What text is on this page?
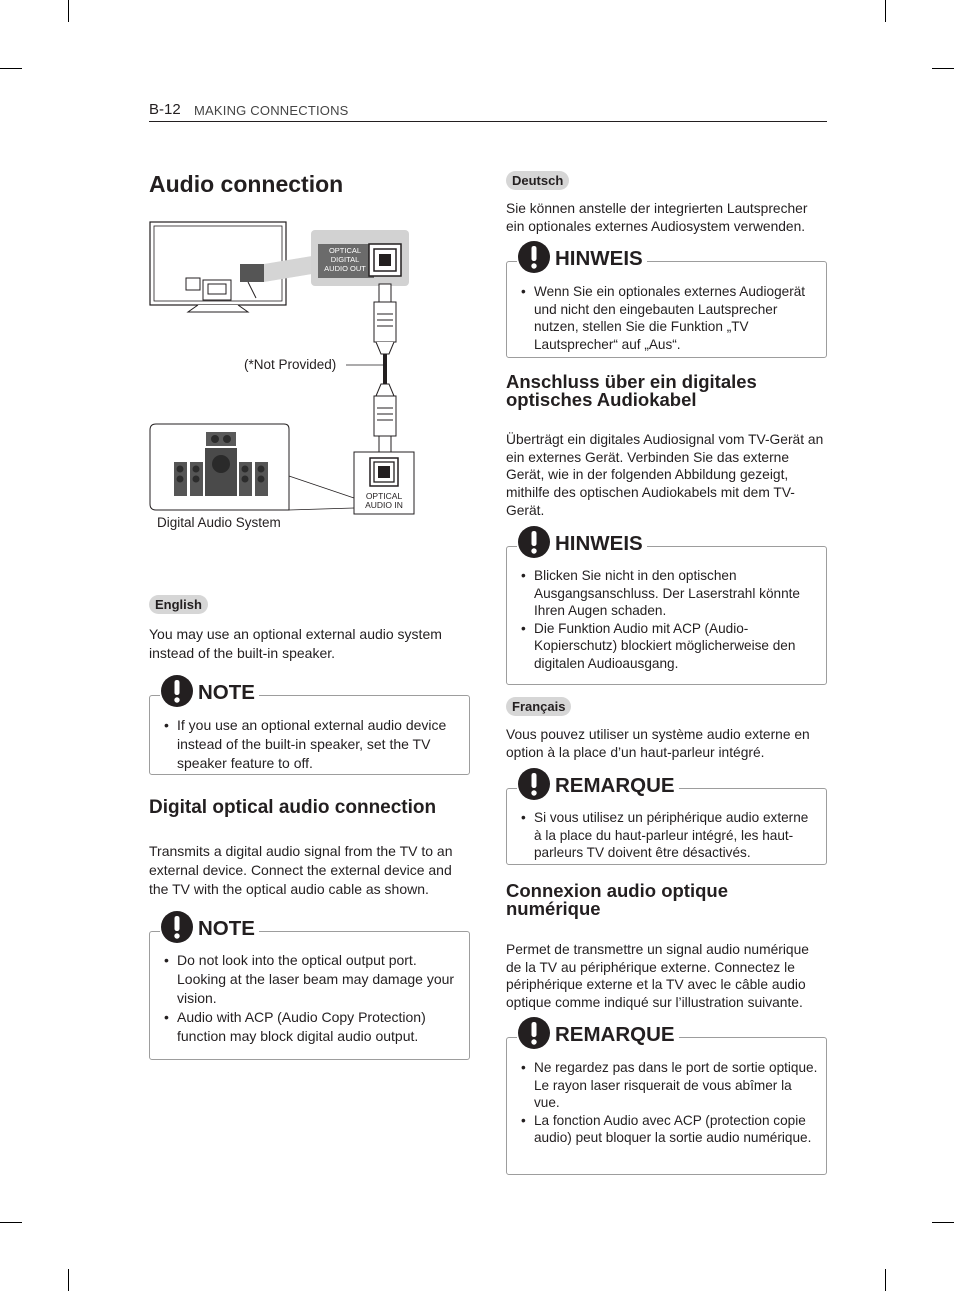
B-12 MAKING CONNECTIONS
Audio connection
OPTICAL
DIGITAL
AUDIO OUT
OPTICAL
AUDIO IN
(*Not Provided)
Digital Audio System
English

You may use an optional external audio system instead of the built-in speaker.

NOTE
• If you use an optional external audio device instead of the built-in speaker, set the TV speaker feature to off.
Digital optical audio connection

Transmits a digital audio signal from the TV to an external device. Connect the external device and the TV with the optical audio cable as shown.

NOTE
• Do not look into the optical output port. Looking at the laser beam may damage your vision.
• Audio with ACP (Audio Copy Protection) function may block digital audio output.
Deutsch

Sie können anstelle der integrierten Lautsprecher ein optionales externes Audiosystem verwenden.

HINWEIS
• Wenn Sie ein optionales externes Audiogerät und nicht den eingebauten Lautsprecher nutzen, stellen Sie die Funktion „TV Lautsprecher“ auf „Aus“.
Anschluss über ein digitales optisches Audiokabel

Überträgt ein digitales Audiosignal vom TV-Gerät an ein externes Gerät. Verbinden Sie das externe Gerät, wie in der folgenden Abbildung gezeigt, mithilfe des optischen Audiokabels mit dem TV-Gerät.

HINWEIS
• Blicken Sie nicht in den optischen Ausgangsanschluss. Der Laserstrahl könnte Ihren Augen schaden.
• Die Funktion Audio mit ACP (Audio-Kopierschutz) blockiert möglicherweise den digitalen Audioausgang.
Français

Vous pouvez utiliser un système audio externe en option à la place d’un haut-parleur intégré.

REMARQUE
• Si vous utilisez un périphérique audio externe à la place du haut-parleur intégré, les haut-parleurs TV doivent être désactivés.
Connexion audio optique numérique

Permet de transmettre un signal audio numérique de la TV au périphérique externe. Connectez le périphérique externe et la TV avec le câble audio optique comme indiqué sur l’illustration suivante.

REMARQUE
• Ne regardez pas dans le port de sortie optique. Le rayon laser risquerait de vous abîmer la vue.
• La fonction Audio avec ACP (protection copie audio) peut bloquer la sortie audio numérique.
